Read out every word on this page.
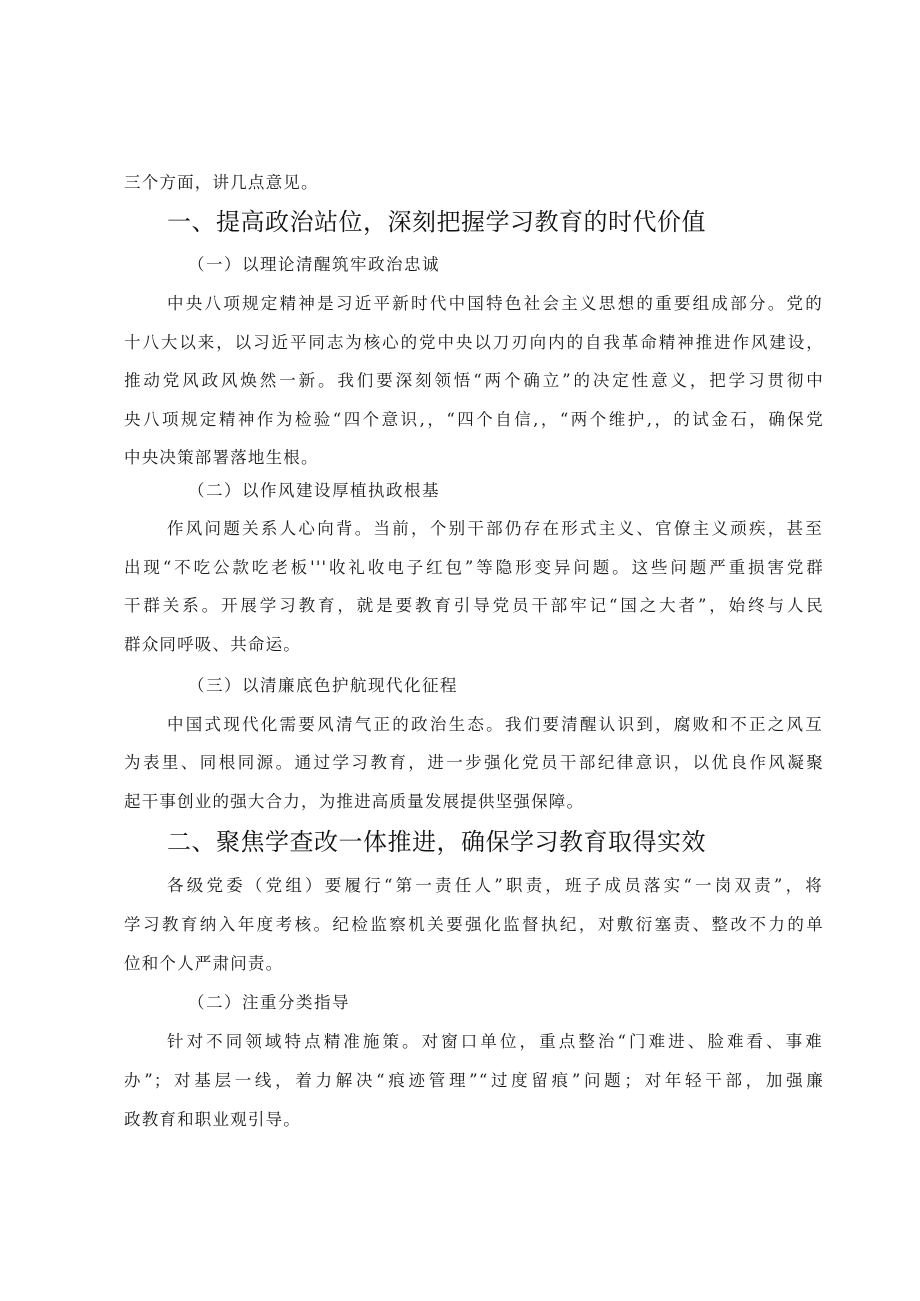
三个方面，讲几点意见。
一、提高政治站位，深刻把握学习教育的时代价值
（一）以理论清醒筑牢政治忠诚
中央八项规定精神是习近平新时代中国特色社会主义思想的重要组成部分。党的
十八大以来，以习近平同志为核心的党中央以刀刃向内的自我革命精神推进作风建设，
推动党风政风焕然一新。我们要深刻领悟“两个确立”的决定性意义，把学习贯彻中
央八项规定精神作为检验“四个意识,，“四个自信,，“两个维护,，的试金石，确保党
中央决策部署落地生根。
（二）以作风建设厚植执政根基
作风问题关系人心向背。当前，个别干部仍存在形式主义、官僚主义顽疾，甚至
出现“不吃公款吃老板'''收礼收电子红包”等隐形变异问题。这些问题严重损害党群
干群关系。开展学习教育，就是要教育引导党员干部牢记“国之大者”，始终与人民
群众同呼吸、共命运。
（三）以清廉底色护航现代化征程
中国式现代化需要风清气正的政治生态。我们要清醒认识到，腐败和不正之风互
为表里、同根同源。通过学习教育，进一步强化党员干部纪律意识，以优良作风凝聚
起干事创业的强大合力，为推进高质量发展提供坚强保障。
二、聚焦学查改一体推进，确保学习教育取得实效
各级党委（党组）要履行“第一责任人”职责，班子成员落实“一岗双责”，将
学习教育纳入年度考核。纪检监察机关要强化监督执纪，对敷衍塞责、整改不力的单
位和个人严肃问责。
（二）注重分类指导
针对不同领域特点精准施策。对窗口单位，重点整治“门难进、脸难看、事难
办”；对基层一线，着力解决“痕迹管理”“过度留痕”问题；对年轻干部，加强廉
政教育和职业观引导。
